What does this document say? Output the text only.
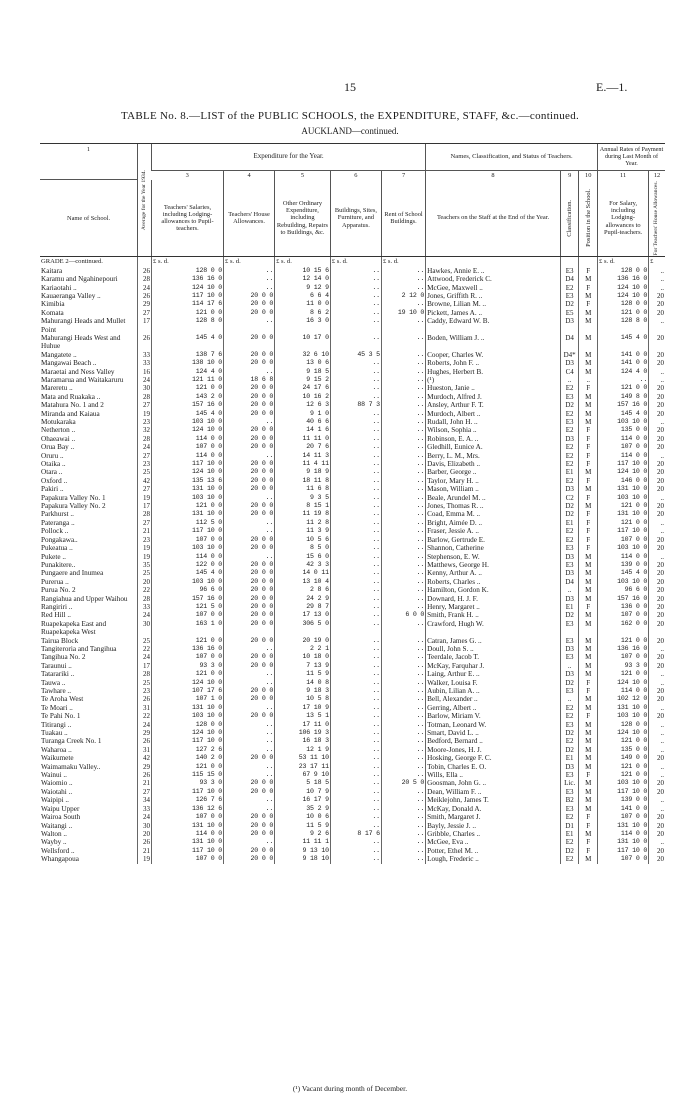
15	E.—1.
TABLE No. 8.—LIST of the PUBLIC SCHOOLS, the EXPENDITURE, STAFF, &c.—continued.
AUCKLAND—continued.
1	Average for the Year 1934.	Expenditure for the Year.					Names, Classification, and Status of Teachers.			Annual Rates of Payment during Last Month of Year.	
		3	4	5	6	7	8	9	10	11	12
Name of School.		Teachers' Salaries, including Lodging-allowances to Pupil-teachers.	Teachers' House Allowances.	Other Ordinary Expenditure, including Rebuilding, Repairs to Buildings, &c.	Buildings, Sites, Furniture, and Apparatus.	Rent of School Buildings.	Teachers on the Staff at the End of the Year.	Classification.	Position in the School.	For Salary, including Lodging-allowances to Pupil-teachers.	For Teachers' House Allowances.

GRADE 2—continued.		£ s. d.	£ s. d.	£ s. d.	£ s. d.	£ s. d.				£ s. d.	£
Kaitara	26	128 0 0	..	10 15 6	..	..	Hawkes, Annie E. ..	E3	F	128 0 0	..
Karamu and Ngahinepouri	28	136 16 0	..	12 14 0	..	..	Attwood, Frederick C.	D4	M	136 16 0	..
Kariaotahi ..	24	124 10 0	..	9 12 9	..	..	McGee, Maxwell ..	E2	F	124 10 0	..
Kauaeranga Valley ..	26	117 10 0	20 0 0	6 6 4	..	2 12 0	Jones, Griffith R. ..	E3	M	124 10 0	20
Kimibia	29	114 17 6	20 0 0	11 0 0	..	..	Browne, Lilian M. ..	D2	F	128 0 0	20
Komata	27	121 0 0	20 0 0	8 6 2	..	19 10 0	Pickett, James A. ..	E5	M	121 0 0	20
Mahurangi Heads and Mullet Point	17	128 8 0	..	16 3 0	..	..	Caddy, Edward W. B.	D3	M	128 8 0	..
Mahurangi Heads West and Huhue	26	145 4 0	20 0 0	10 17 0	..	..	Boden, William J. ..	D4	M	145 4 0	20
Mangatete ..	33	138 7 6	20 0 0	32 6 10	45 3 5	..	Cooper, Charles W.	D4*	M	141 0 0	20
Mangawai Beach ..	33	138 10 0	20 0 0	13 0 6	..	..	Roberts, John F. ..	D3	M	141 0 0	20
Maraetai and Ness Valley	16	124 4 0	..	9 18 5	..	..	Hughes, Herbert B.	C4	M	124 4 0	..
Maramarua and Waitakaruru	24	121 11 0	18 6 8	9 15 2	..	..	(¹)	..	..	..	..
Mareretu ..	30	121 0 0	20 0 0	24 17 6	..	..	Hueston, Janie ..	E2	F	121 0 0	20
Mata and Ruakaka ..	28	143 2 0	20 0 0	10 16 2	..	..	Murdoch, Alfred J.	E3	M	149 8 0	20
Matahura No. 1 and 2	27	157 16 0	20 0 0	12 6 3	88 7 3	..	Ansley, Arthur F. T.	D2	M	157 16 0	20
Miranda and Kaiaua	19	145 4 0	20 0 0	9 1 0	..	..	Murdoch, Albert ..	E2	M	145 4 0	20
Motukaraka	23	103 10 0	..	40 6 6	..	..	Rudall, John H. ..	E3	M	103 10 0	..
Netherton ..	32	124 10 0	20 0 0	14 1 6	..	..	Wilson, Sophia ..	E2	F	135 0 0	20
Ohaeawai ..	28	114 0 0	20 0 0	11 11 0	..	..	Robinson, E. A. ..	D3	F	114 0 0	20
Orua Bay ..	24	107 0 0	20 0 0	20 7 6	..	..	Gledhill, Eunice A.	E2	F	107 0 0	20
Oruru ..	27	114 0 0	..	14 11 3	..	..	Berry, L. M., Mrs.	E2	F	114 0 0	..
Otaika ..	23	117 10 0	20 0 0	11 4 11	..	..	Davis, Elizabeth ..	E2	F	117 10 0	20
Otara ..	25	124 10 0	20 0 0	9 18 9	..	..	Barber, George ..	E1	M	124 10 0	20
Oxford ..	42	135 13 6	20 0 0	18 11 8	..	..	Taylor, Mary H. ..	E2	F	146 0 0	20
Pakiri ..	27	131 10 0	20 0 0	11 6 8	..	..	Mason, William ..	D3	M	131 10 0	20
Papakura Valley No. 1	19	103 10 0	..	9 3 5	..	..	Beale, Arundel M. ..	C2	F	103 10 0	..
Papakura Valley No. 2	17	121 0 0	20 0 0	8 15 1	..	..	Jones, Thomas R. ..	D2	M	121 0 0	20
Parkhurst ..	28	131 10 0	20 0 0	11 19 8	..	..	Coad, Emma M. ..	D2	F	131 10 0	20
Pateranga ..	27	112 5 0	..	11 2 8	..	..	Bright, Aimée D. ..	E1	F	121 0 0	..
Pollock ..	21	117 10 0	..	11 3 9	..	..	Fraser, Jessie A. ..	E2	F	117 10 0	..
Pongakawa..	23	107 0 0	20 0 0	10 5 6	..	..	Barlow, Gertrude E.	E2	F	107 0 0	20
Pukeatua ..	19	103 10 0	20 0 0	8 5 0	..	..	Shannon, Catherine	E3	F	103 10 0	20
Pukete ..	19	114 0 0	..	15 6 0	..	..	Stephenson, E. W.	D3	M	114 0 0	..
Punakitere..	35	122 0 0	20 0 0	42 3 3	..	..	Matthews, George H.	E3	M	139 0 0	20
Pungaere and Inumea	25	145 4 0	20 0 0	14 0 11	..	..	Kenny, Arthur A. ..	D3	M	145 4 0	20
Pureruа ..	20	103 10 0	20 0 0	13 10 4	..	..	Roberts, Charles ..	D4	M	103 10 0	20
Purua No. 2	22	96 6 0	20 0 0	2 8 6	..	..	Hamilton, Gordon K.	..	M	96 6 0	20
Rangiahua and Upper Waihou	28	157 16 0	20 0 0	24 2 9	..	..	Downard, H. J. F.	D3	M	157 16 0	20
Rangiriri ..	33	121 5 0	20 0 0	29 8 7	..	..	Henry, Margaret ..	E1	F	136 0 0	20
Red Hill ..	24	107 0 0	20 0 0	17 13 0	..	6 0 0	Smith, Frank H. ..	D2	M	107 0 0	20
Ruapekapeka East and Ruapekapeka West	30	163 1 0	20 0 0	306 5 0	..	..	Crawford, Hugh W.	E3	M	162 0 0	20
Tairua Block	25	121 0 0	20 0 0	20 19 0	..	..	Catran, James G. ..	E3	M	121 0 0	20
Tangiterorіa and Tangihua	22	136 16 0	..	2 2 1	..	..	Doull, John S. ..	D3	M	136 16 0	..
Tangihua No. 2	24	107 0 0	20 0 0	10 18 0	..	..	Teerdale, Jacob T.	E3	M	107 0 0	20
Taraunui ..	17	93 3 0	20 0 0	7 13 9	..	..	McKay, Farquhar J.	..	M	93 3 0	20
Tatarariki ..	28	121 0 0	..	11 5 9	..	..	Laing, Arthur E. ..	D3	M	121 0 0	..
Tauwa ..	25	124 10 0	..	14 0 8	..	..	Walker, Louisa F.	D2	F	124 10 0	..
Tawhare ..	23	107 17 6	20 0 0	9 18 3	..	..	Aubin, Lilian A. ..	E3	F	114 0 0	20
Te Aroha West	26	107 1 0	20 0 0	10 5 8	..	..	Bell, Alexander ..	..	M	102 12 0	20
Te Moari ..	31	131 10 0	..	17 10 9	..	..	Gerring, Albert ..	E2	M	131 10 0	..
Te Pahi No. 1	22	103 10 0	20 0 0	13 5 1	..	..	Barlow, Miriam V.	E2	F	103 10 0	20
Titirangi ..	24	128 0 0	..	17 11 0	..	..	Totman, Leonard W.	E3	M	128 0 0	..
Tuakau ..	29	124 10 0	..	106 19 3	..	..	Smart, David L. ..	D2	M	124 10 0	..
Turanga Creek No. 1	26	117 10 0	..	16 18 3	..	..	Bedford, Bernard ..	E2	M	121 0 0	..
Waharoa ..	31	127 2 6	..	12 1 9	..	..	Moore-Jones, H. J.	D2	M	135 0 0	..
Waikumete	42	140 2 0	20 0 0	53 11 10	..	..	Hosking, George F. C.	E1	M	149 0 0	20
Waimamaku Valley..	29	121 0 0	..	23 17 11	..	..	Tobin, Charles E. O.	D3	M	121 0 0	..
Wainui ..	26	115 15 0	..	67 9 10	..	..	Wills, Ella ..	E3	F	121 0 0	..
Waiomio ..	21	93 3 0	20 0 0	5 18 5	..	20 5 0	Goosman, John G. ..	Lic.	M	103 10 0	20
Waiotahi ..	27	117 10 0	20 0 0	10 7 9	..	..	Dean, William F. ..	E3	M	117 10 0	20
Waipipi ..	34	126 7 6	..	16 17 9	..	..	Meiklejohn, James T.	B2	M	139 0 0	..
Waipu Upper	33	136 12 6	..	35 2 9	..	..	McKay, Donald A.	E3	M	141 0 0	..
Wairoa South	24	107 0 0	20 0 0	10 0 6	..	..	Smith, Margaret J.	E2	F	107 0 0	20
Waitangi ..	30	131 10 0	20 0 0	11 5 9	..	..	Bayly, Jessie J. ..	D1	F	131 10 0	20
Walton ..	20	114 0 0	20 0 0	9 2 6	8 17 6	..	Gribble, Charles ..	E1	M	114 0 0	20
Wayby ..	26	131 10 0	..	11 11 1	..	..	McGee, Eva ..	E2	F	131 10 0	..
Wellsford ..	21	117 10 0	20 0 0	9 13 10	..	..	Potter, Ethel M. ..	D2	F	117 10 0	20
Whangapoua	19	107 0 0	20 0 0	9 18 10	..	..	Lough, Frederic ..	E2	M	107 0 0	20
(¹) Vacant during month of December.
